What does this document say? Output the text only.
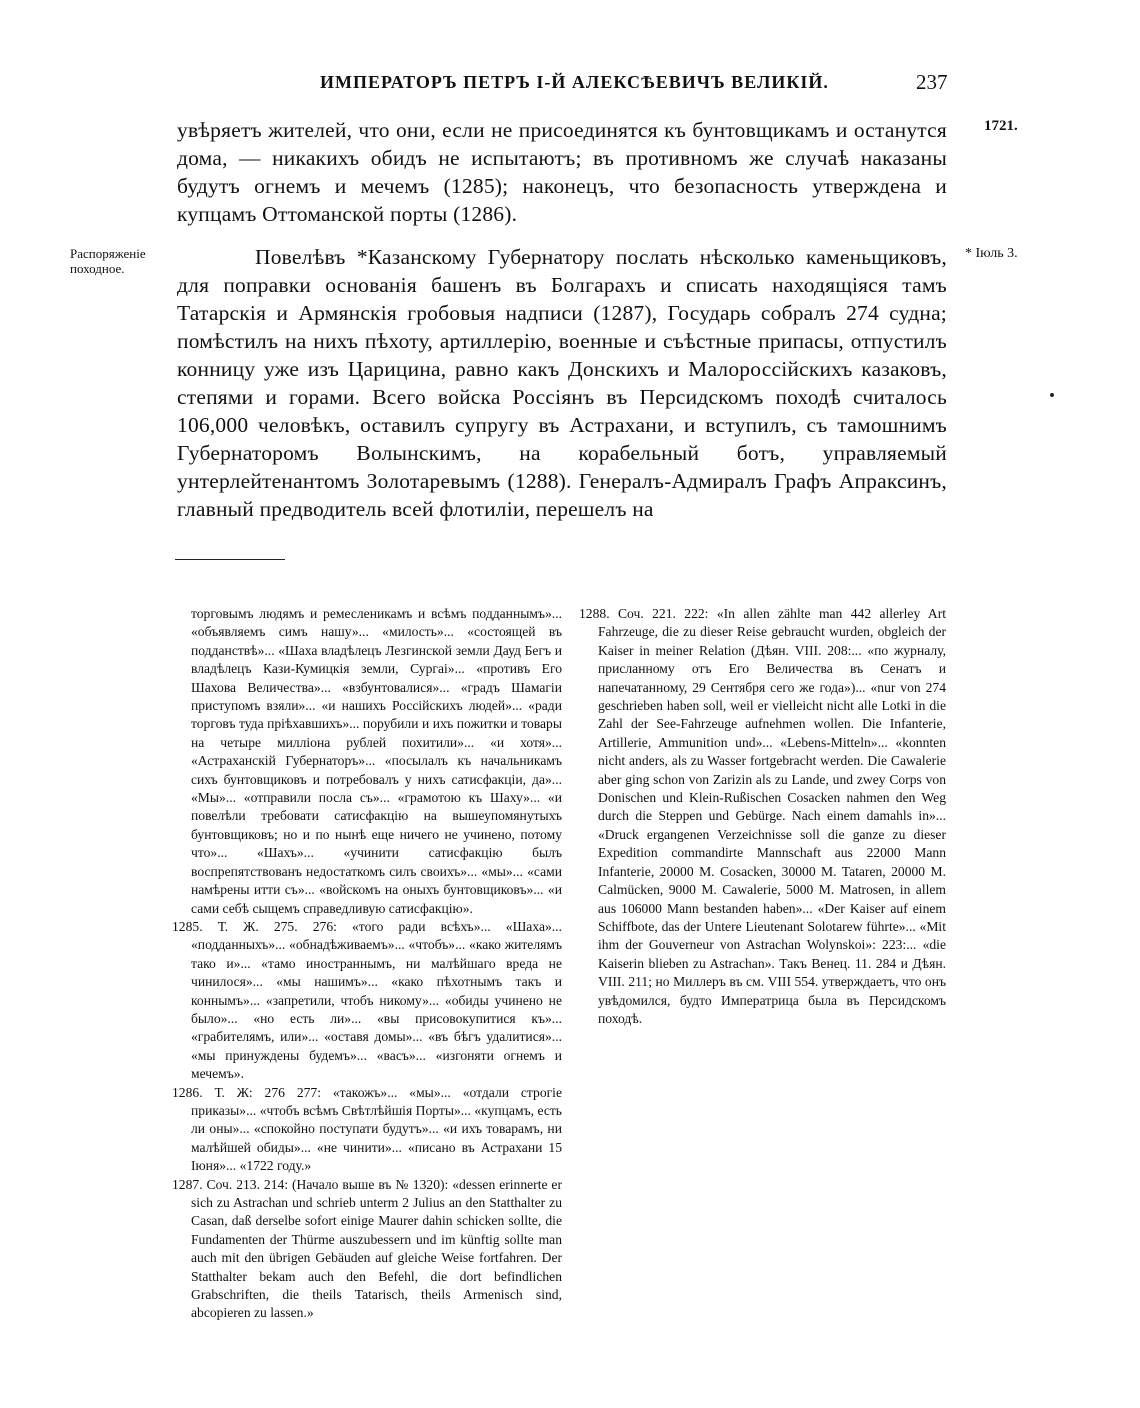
ИМПЕРАТОРЪ ПЕТРЪ I-Й АЛЕКСѢЕВИЧЪ ВЕЛИКІЙ.	237
1721.
Распоряженіе походное.
* Іюль 3.
увѣряетъ жителей, что они, если не присоединятся къ бунтовщикамъ и останутся дома, — никакихъ обидъ не испытаютъ; въ противномъ же случаѣ наказаны будутъ огнемъ и мечемъ (1285); наконецъ, что безопасность утверждена и купцамъ Оттоманской порты (1286).
Повелѣвъ *Казанскому Губернатору послать нѣсколько каменьщиковъ, для поправки основанія башенъ въ Болгарахъ и списать находящіяся тамъ Татарскія и Армянскія гробовыя надписи (1287), Государь собралъ 274 судна; помѣстилъ на нихъ пѣхоту, артиллерію, военные и съѣстные припасы, отпустилъ конницу уже изъ Царицина, равно какъ Донскихъ и Малороссійскихъ казаковъ, степями и горами. Всего войска Россіянъ въ Персидскомъ походѣ считалось 106,000 человѣкъ, оставилъ супругу въ Астрахани, и вступилъ, съ тамошнимъ Губернаторомъ Волынскимъ, на корабельный ботъ, управляемый унтерлейтенантомъ Золотаревымъ (1288). Генералъ-Адмиралъ Графъ Апраксинъ, главный предводитель всей флотиліи, перешелъ на

торговымъ людямъ и ремесленикамъ и всѣмъ подданнымъ»... «объявляемъ симъ нашу»... «милость»... «состоящей въ подданствѣ»... «Шаха владѣлецъ Лезгинской земли Дауд Бегъ и владѣлецъ Кази-Кумицкія земли, Сургаі»... «противъ Его Шахова Величества»... «взбунтовалися»... «градъ Шамагіи приступомъ взяли»... «и нашихъ Россійскихъ людей»... «ради торговъ туда пріѣхавшихъ»... порубили и ихъ пожитки и товары на четыре милліона рублей похитили»... «и хотя»... «Астраханскій Губернаторъ»... «посылалъ къ начальникамъ сихъ бунтовщиковъ и потребовалъ у нихъ сатисфакціи, да»... «Мы»... «отправили посла съ»... «грамотою къ Шаху»... «и повелѣли требовати сатисфакцію на вышеупомянутыхъ бунтовщиковъ; но и по нынѣ еще ничего не учинено, потому что»... «Шахъ»... «учинити сатисфакцію былъ воспрепятствованъ недостаткомъ силъ своихъ»... «мы»... «сами намѣрены итти съ»... «войскомъ на оныхъ бунтовщиковъ»... «и сами себѣ сыщемъ справедливую сатисфакцію».

1285. Т. Ж. 275. 276: «того ради всѣхъ»... «Шаха»... «подданныхъ»... «обнадѣживаемъ»... «чтобъ»... «како жителямъ тако и»... «тамо иностраннымъ, ни малѣйшаго вреда не чинилося»... «мы нашимъ»... «како пѣхотнымъ такъ и коннымъ»... «запретили, чтобъ никому»... «обиды учинено не было»... «но есть ли»... «вы присовокупитися къ»... «грабителямъ, или»... «оставя домы»... «въ бѣгъ удалитися»... «мы принуждены будемъ»... «васъ»... «изгоняти огнемъ и мечемъ».

1286. Т. Ж: 276 277: «такожъ»... «мы»... «отдали строгіе приказы»... «чтобъ всѣмъ Свѣтлѣйшія Порты»... «купцамъ, есть ли оны»... «спокойно поступати будутъ»... «и ихъ товарамъ, ни малѣйшей обиды»... «не чинити»... «писано въ Астрахани 15 Іюня»... «1722 году.»

1287. Соч. 213. 214: (Начало выше въ № 1320): «dessen erinnerte er sich zu Astrachan und schrieb unterm 2 Julius an den Statthalter zu Casan, daß derselbe sofort einige Maurer dahin schicken sollte, die Fundamenten der Thürme auszubessern und im künftig sollte man auch mit den übrigen Gebäuden auf gleiche Weise fortfahren. Der Statthalter bekam auch den Befehl, die dort befindlichen Grabschriften, die theils Tatarisch, theils Armenisch sind, abcopieren zu lassen.»

1288. Соч. 221. 222: «In allen zählte man 442 allerley Art Fahrzeuge, die zu dieser Reise gebraucht wurden, obgleich der Kaiser in meiner Relation (Дѣян. VIII. 208:... «по журналу, присланному отъ Его Величества въ Сенатъ и напечатанному, 29 Сентября сего же года»)... «nur von 274 geschrieben haben soll, weil er vielleicht nicht alle Lotki in die Zahl der See-Fahrzeuge aufnehmen wollen. Die Infanterie, Artillerie, Ammunition und»... «Lebens-Mitteln»... «konnten nicht anders, als zu Wasser fortgebracht werden. Die Cawalerie aber ging schon von Zarizin als zu Lande, und zwey Corps von Donischen und Klein-Rußischen Cosacken nahmen den Weg durch die Steppen und Gebürge. Nach einem damahls in»... «Druck ergangenen Verzeichnisse soll die ganze zu dieser Expedition commandirte Mannschaft aus 22000 Mann Infanterie, 20000 M. Cosacken, 30000 M. Tataren, 20000 M. Calmücken, 9000 M. Cawalerie, 5000 M. Matrosen, in allem aus 106000 Mann bestanden haben»... «Der Kaiser auf einem Schiffbote, das der Untere Lieutenant Solotarew führte»... «Mit ihm der Gouverneur von Astrachan Wolynskoi»: 223:... «die Kaiserin blieben zu Astrachan». Такъ Венец. 11. 284 и Дѣян. VIII. 211; но Миллеръ въ см. VIII 554. утверждаетъ, что онъ увѣдомился, будто Императрица была въ Персидскомъ походѣ.
